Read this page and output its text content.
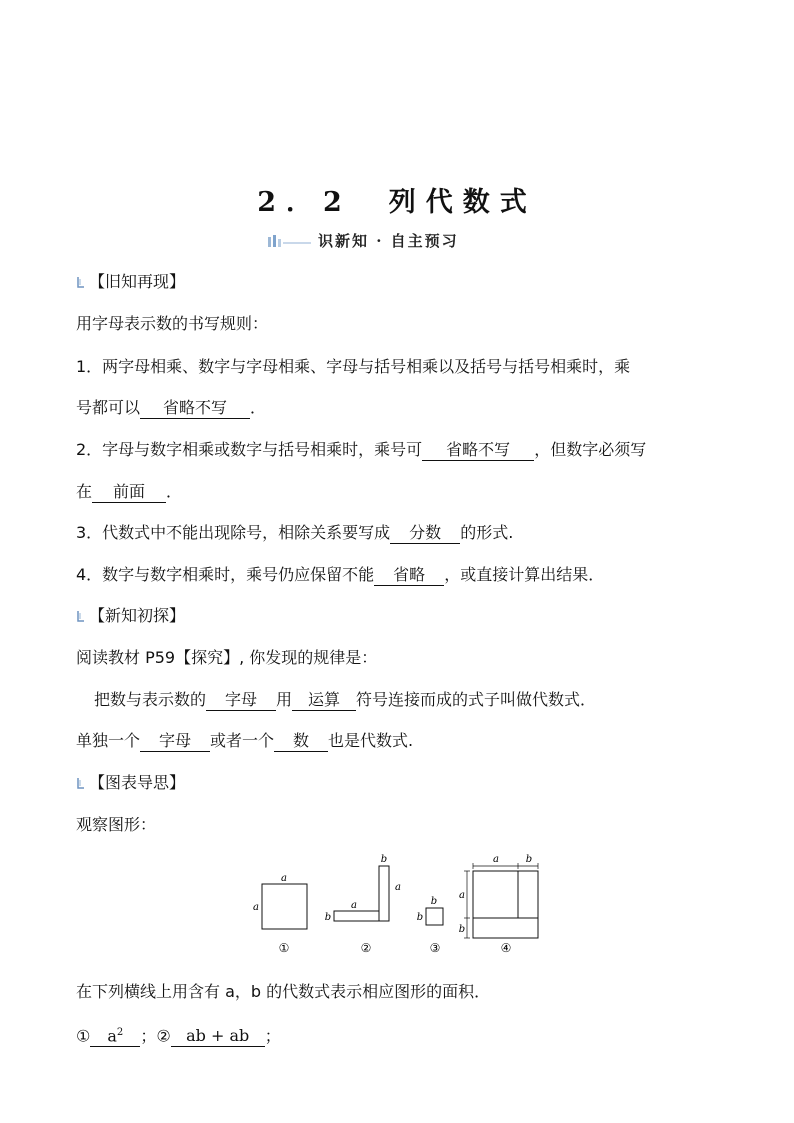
2．2　列代数式
识新知 · 自主预习
【旧知再现】
用字母表示数的书写规则：
1．两字母相乘、数字与字母相乘、字母与括号相乘以及括号与括号相乘时，乘
号都可以 省略不写 ．
2．字母与数字相乘或数字与括号相乘时，乘号可 省略不写 ，但数字必须写
在 前面 ．
3．代数式中不能出现除号，相除关系要写成 分数 的形式.
4．数字与数字相乘时，乘号仍应保留不能 省略 ，或直接计算出结果．
【新知初探】
阅读教材 P59【探究】, 你发现的规律是：
把数与表示数的 字母 用 运算 符号连接而成的式子叫做代数式．
单独一个 字母 或者一个 数 也是代数式.
【图表导思】
观察图形：
a
a
①
b
a
a
b
②
b
b
③
a	b
a
b
④
在下列横线上用含有 a，b 的代数式表示相应图形的面积．
① $a^2$ ；② ab + ab ；
